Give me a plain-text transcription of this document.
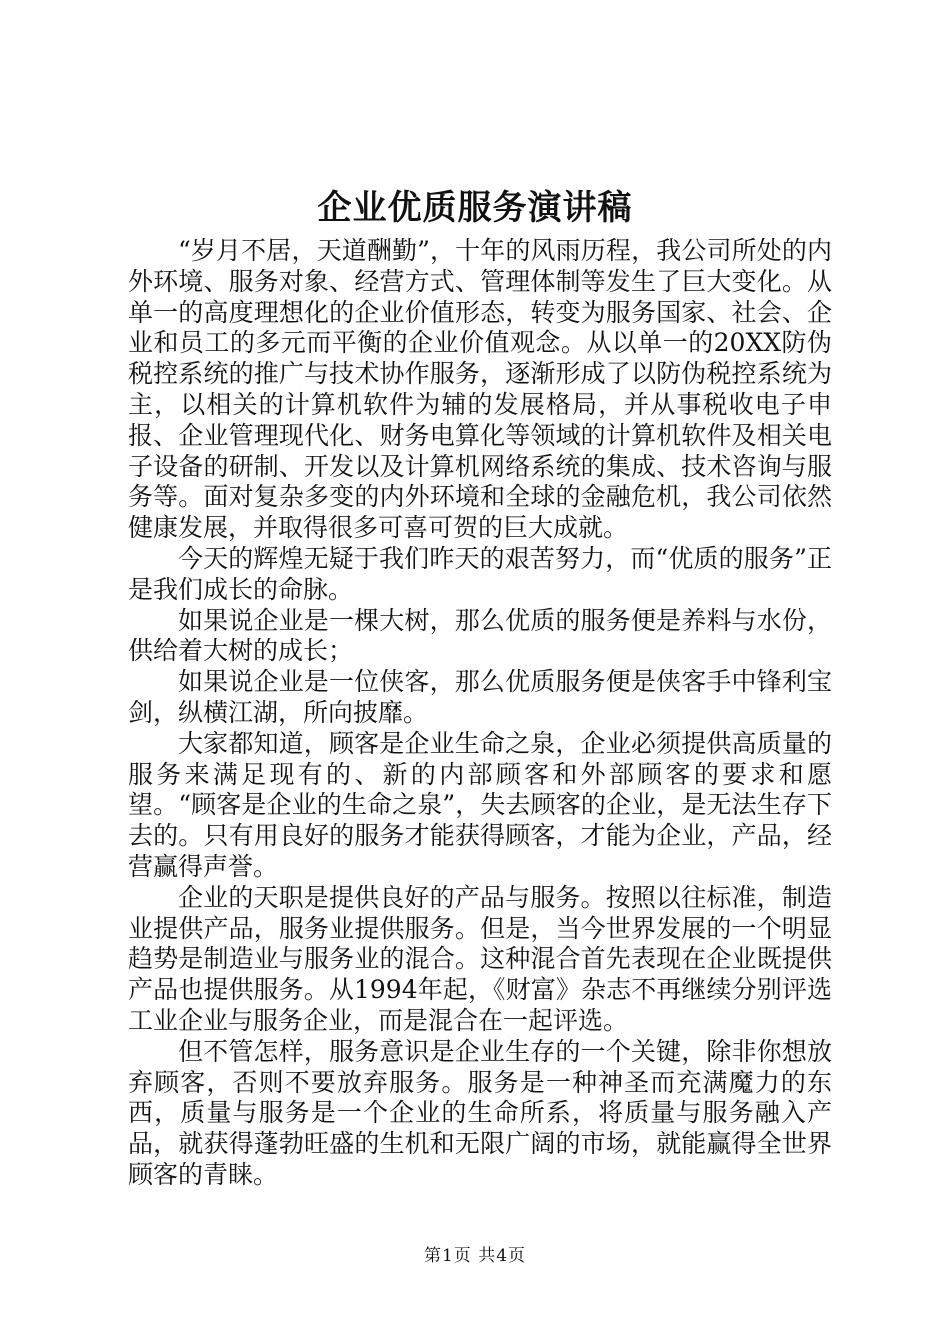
企业优质服务演讲稿

“岁月不居，天道酬勤”，十年的风雨历程，我公司所处的内外环境、服务对象、经营方式、管理体制等发生了巨大变化。从单一的高度理想化的企业价值形态，转变为服务国家、社会、企业和员工的多元而平衡的企业价值观念。从以单一的20XX防伪税控系统的推广与技术协作服务，逐渐形成了以防伪税控系统为主，以相关的计算机软件为辅的发展格局，并从事税收电子申报、企业管理现代化、财务电算化等领域的计算机软件及相关电子设备的研制、开发以及计算机网络系统的集成、技术咨询与服务等。面对复杂多变的内外环境和全球的金融危机，我公司依然健康发展，并取得很多可喜可贺的巨大成就。

今天的辉煌无疑于我们昨天的艰苦努力，而“优质的服务”正是我们成长的命脉。

如果说企业是一棵大树，那么优质的服务便是养料与水份，供给着大树的成长；

如果说企业是一位侠客，那么优质服务便是侠客手中锋利宝剑，纵横江湖，所向披靡。

大家都知道，顾客是企业生命之泉，企业必须提供高质量的服务来满足现有的、新的内部顾客和外部顾客的要求和愿望。“顾客是企业的生命之泉”，失去顾客的企业，是无法生存下去的。只有用良好的服务才能获得顾客，才能为企业，产品，经营赢得声誉。

企业的天职是提供良好的产品与服务。按照以往标准，制造业提供产品，服务业提供服务。但是，当今世界发展的一个明显趋势是制造业与服务业的混合。这种混合首先表现在企业既提供产品也提供服务。从1994年起，《财富》杂志不再继续分别评选工业企业与服务企业，而是混合在一起评选。

但不管怎样，服务意识是企业生存的一个关键，除非你想放弃顾客，否则不要放弃服务。服务是一种神圣而充满魔力的东西，质量与服务是一个企业的生命所系，将质量与服务融入产品，就获得蓬勃旺盛的生机和无限广阔的市场，就能赢得全世界顾客的青睐。

第1页 共4页
